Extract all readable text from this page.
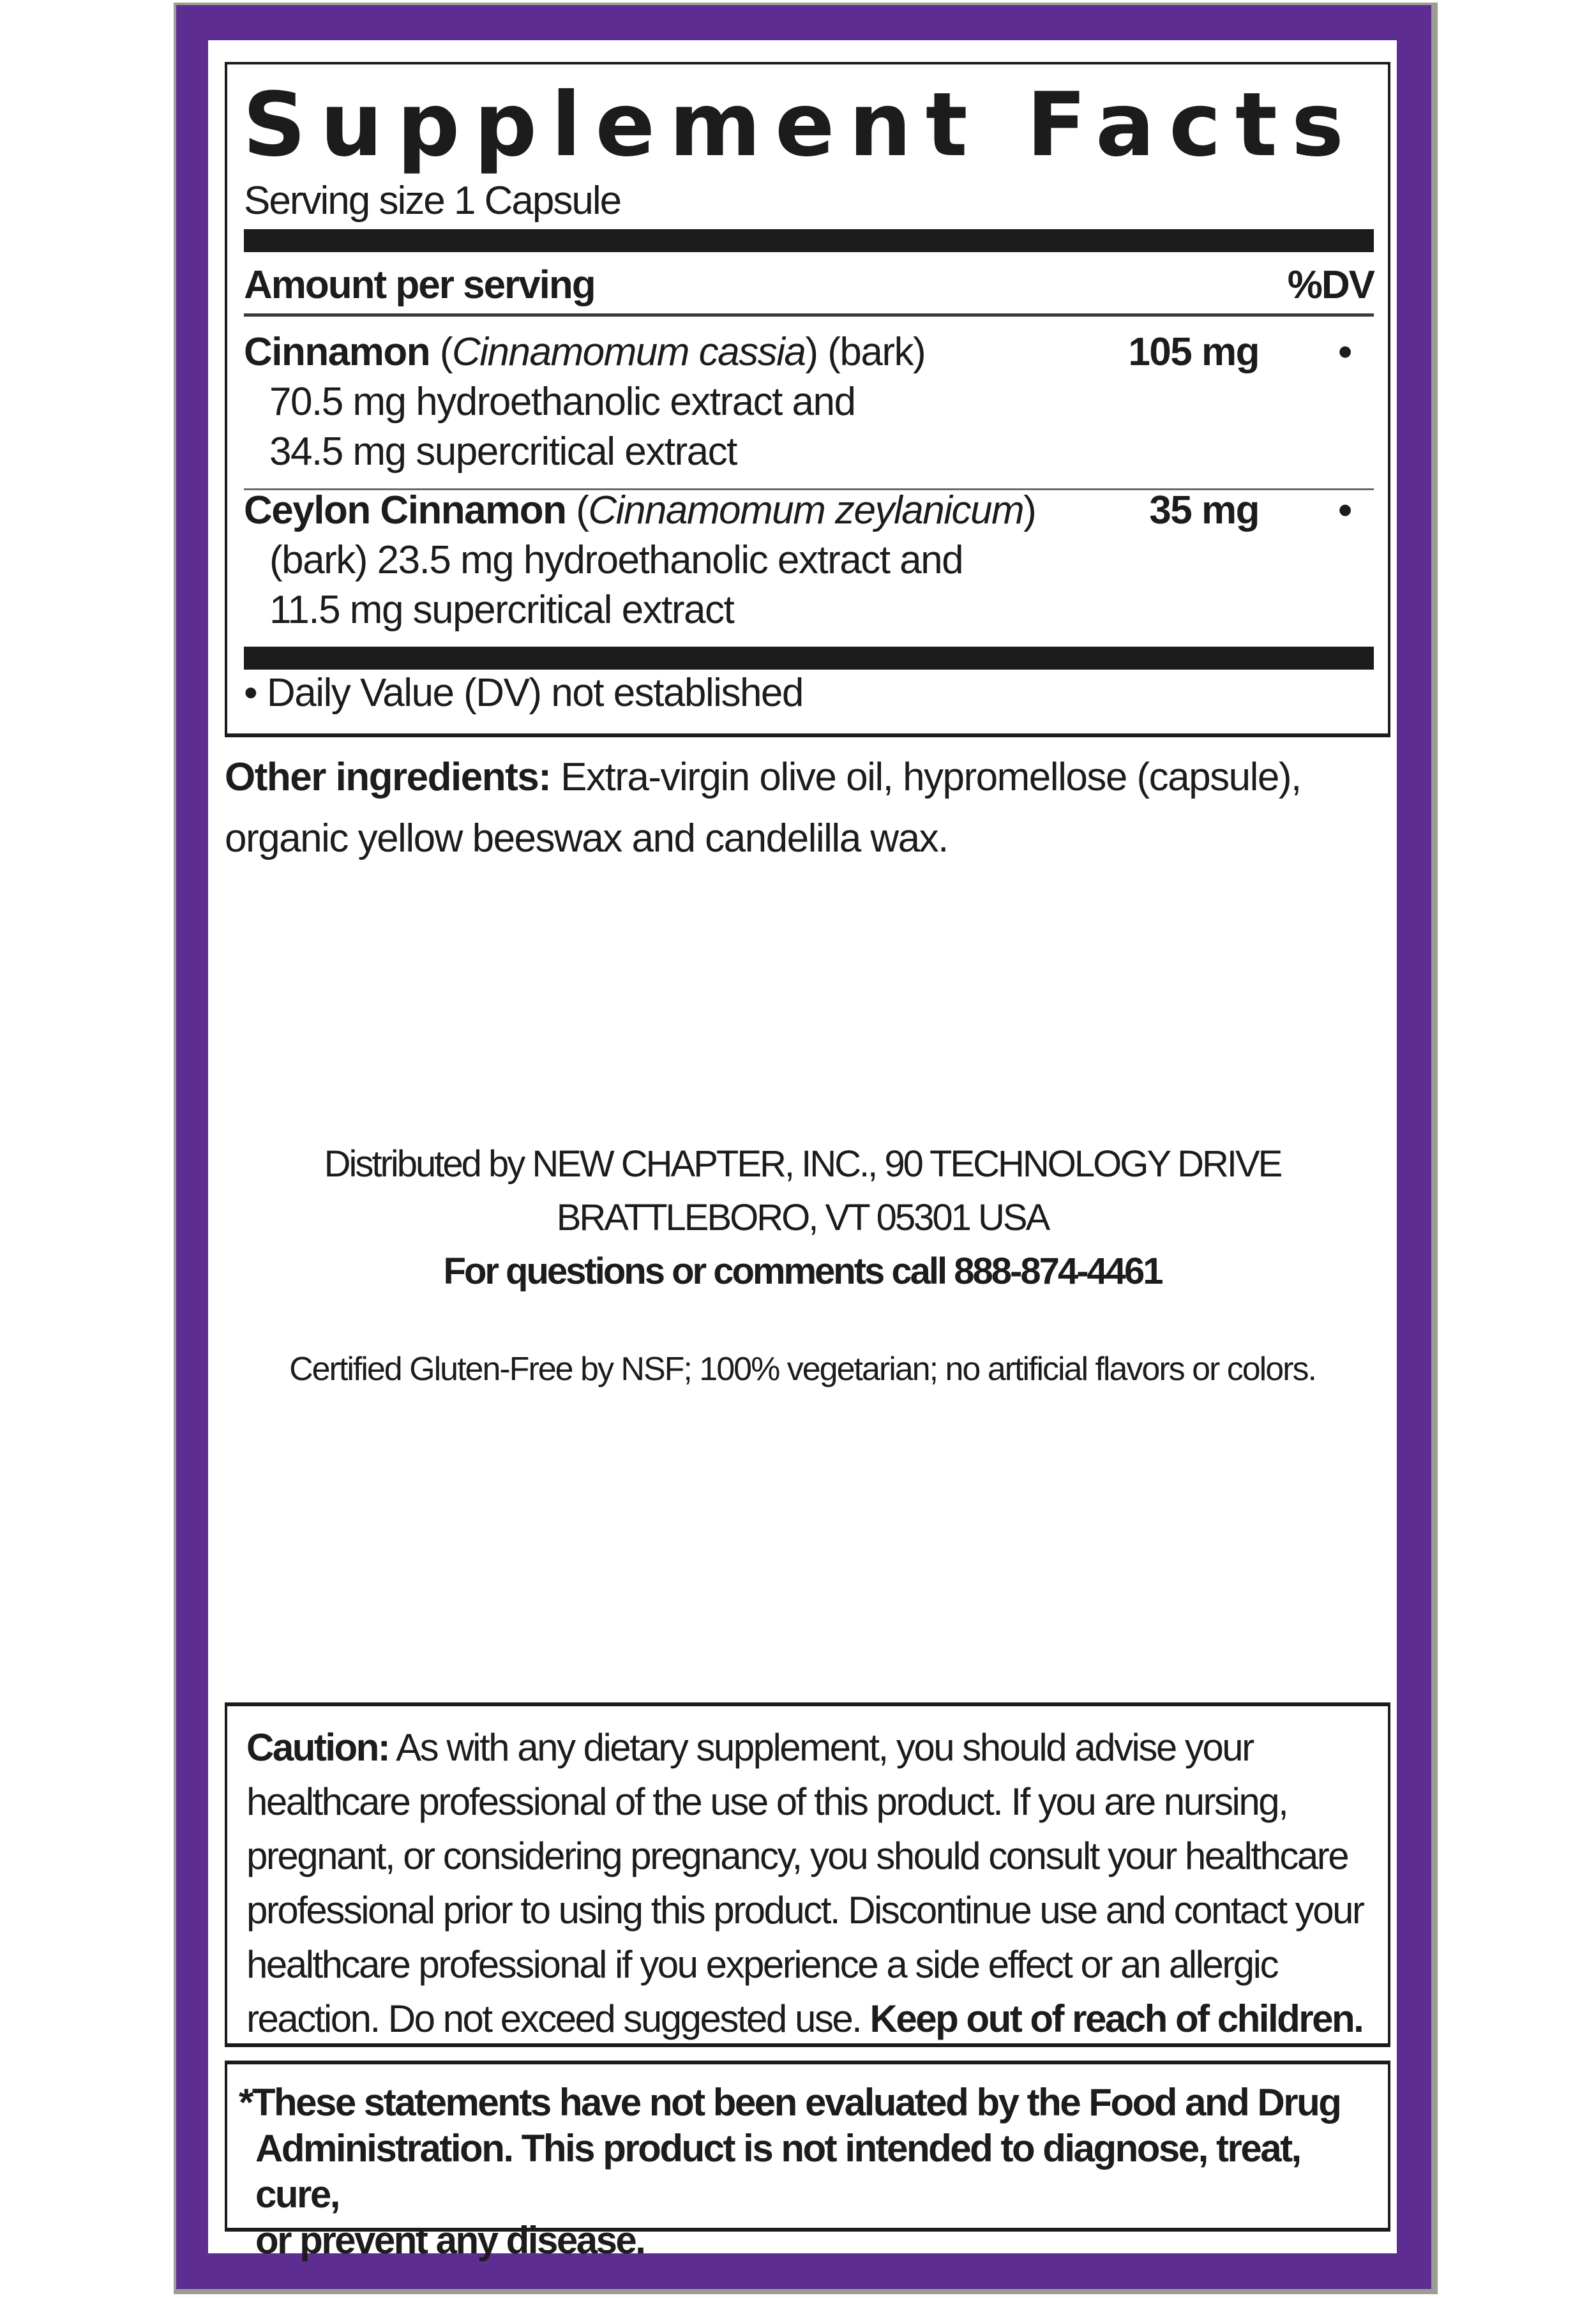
Supplement Facts
Serving size 1 Capsule
Amount per serving	%DV
Cinnamon (Cinnamomum cassia) (bark)
70.5 mg hydroethanolic extract and
34.5 mg supercritical extract
105 mg •
Ceylon Cinnamon (Cinnamomum zeylanicum)
(bark) 23.5 mg hydroethanolic extract and
11.5 mg supercritical extract
35 mg •
• Daily Value (DV) not established
Other ingredients: Extra-virgin olive oil, hypromellose (capsule), organic yellow beeswax and candelilla wax.
Distributed by NEW CHAPTER, INC., 90 TECHNOLOGY DRIVE
BRATTLEBORO, VT 05301 USA
For questions or comments call 888-874-4461
Certified Gluten-Free by NSF; 100% vegetarian; no artificial flavors or colors.
Caution: As with any dietary supplement, you should advise your healthcare professional of the use of this product. If you are nursing, pregnant, or considering pregnancy, you should consult your healthcare professional prior to using this product. Discontinue use and contact your healthcare professional if you experience a side effect or an allergic reaction. Do not exceed suggested use. Keep out of reach of children.
*These statements have not been evaluated by the Food and Drug
Administration. This product is not intended to diagnose, treat, cure,
or prevent any disease.
